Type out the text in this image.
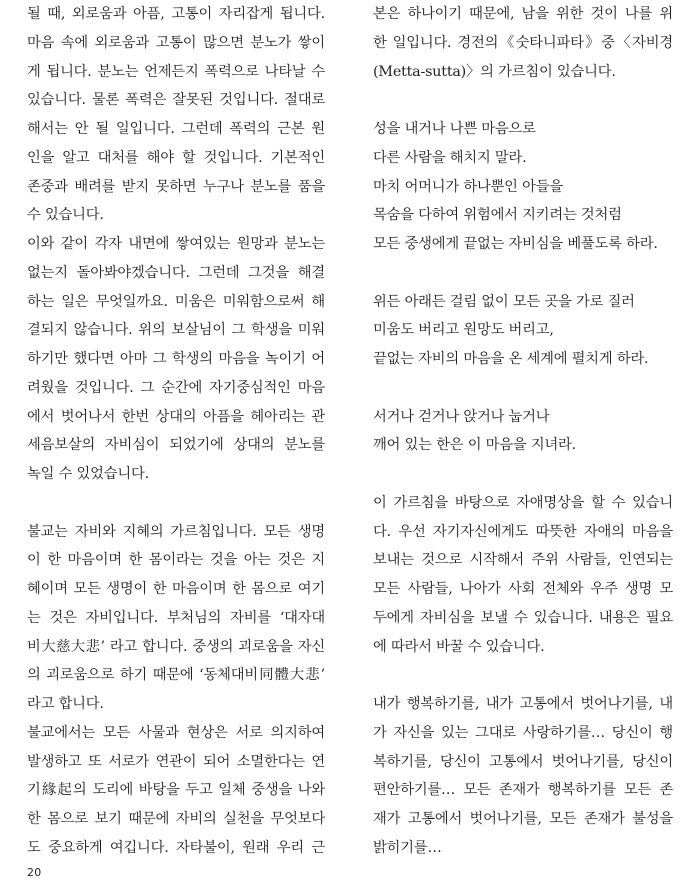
될 때, 외로움과 아픔, 고통이 자리잡게 됩니다.
마음 속에 외로움과 고통이 많으면 분노가 쌓이
게 됩니다. 분노는 언제든지 폭력으로 나타날 수
있습니다. 물론 폭력은 잘못된 것입니다. 절대로
해서는 안 될 일입니다. 그런데 폭력의 근본 원
인을 알고 대처를 해야 할 것입니다. 기본적인
존중과 배려를 받지 못하면 누구나 분노를 품을
수 있습니다.
이와 같이 각자 내면에 쌓여있는 원망과 분노는
없는지 돌아봐야겠습니다. 그런데 그것을 해결
하는 일은 무엇일까요. 미움은 미워함으로써 해
결되지 않습니다. 위의 보살님이 그 학생을 미워
하기만 했다면 아마 그 학생의 마음을 녹이기 어
려웠을 것입니다. 그 순간에 자기중심적인 마음
에서 벗어나서 한번 상대의 아픔을 헤아리는 관
세음보살의 자비심이 되었기에 상대의 분노를
녹일 수 있었습니다.
불교는 자비와 지혜의 가르침입니다. 모든 생명
이 한 마음이며 한 몸이라는 것을 아는 것은 지
혜이며 모든 생명이 한 마음이며 한 몸으로 여기
는 것은 자비입니다. 부처님의 자비를 ‘대자대
비大慈大悲’ 라고 합니다. 중생의 괴로움을 자신
의 괴로움으로 하기 때문에 ‘동체대비同體大悲’
라고 합니다.
불교에서는 모든 사물과 현상은 서로 의지하여
발생하고 또 서로가 연관이 되어 소멸한다는 연
기緣起의 도리에 바탕을 두고 일체 중생을 나와
한 몸으로 보기 때문에 자비의 실천을 무엇보다
도 중요하게 여깁니다. 자타불이, 원래 우리 근
본은 하나이기 때문에, 남을 위한 것이 나를 위
한 일입니다. 경전의《숫타니파타》중〈자비경
(Metta-sutta)〉의 가르침이 있습니다.
성을 내거나 나쁜 마음으로
다른 사람을 해치지 말라.
마치 어머니가 하나뿐인 아들을
목숨을 다하여 위험에서 지키려는 것처럼
모든 중생에게 끝없는 자비심을 베풀도록 하라.
위든 아래든 걸림 없이 모든 곳을 가로 질러
미움도 버리고 원망도 버리고,
끝없는 자비의 마음을 온 세계에 펼치게 하라.
서거나 걷거나 앉거나 눕거나
깨어 있는 한은 이 마음을 지녀라.
이 가르침을 바탕으로 자애명상을 할 수 있습니
다. 우선 자기자신에게도 따뜻한 자애의 마음을
보내는 것으로 시작해서 주위 사람들, 인연되는
모든 사람들, 나아가 사회 전체와 우주 생명 모
두에게 자비심을 보낼 수 있습니다. 내용은 필요
에 따라서 바꿀 수 있습니다.
내가 행복하기를, 내가 고통에서 벗어나기를, 내
가 자신을 있는 그대로 사랑하기를… 당신이 행
복하기를, 당신이 고통에서 벗어나기를, 당신이
편안하기를… 모든 존재가 행복하기를 모든 존
재가 고통에서 벗어나기를, 모든 존재가 불성을
밝히기를…
20
